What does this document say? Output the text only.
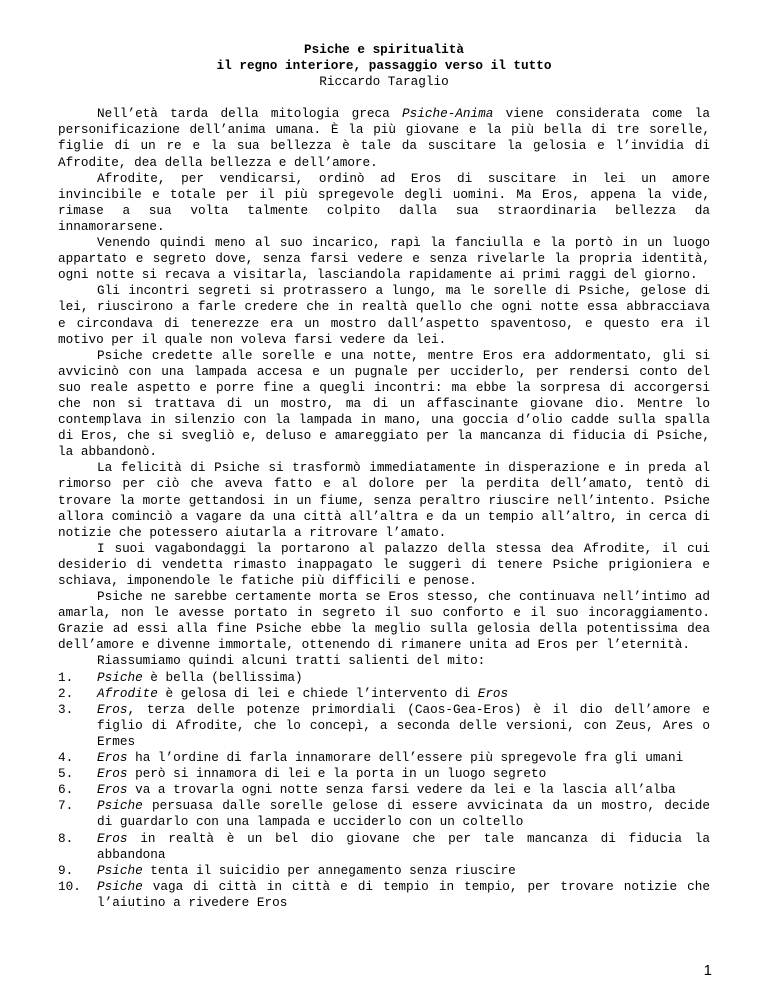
Psiche e spiritualità
il regno interiore, passaggio verso il tutto
Riccardo Taraglio

Nell’età tarda della mitologia greca Psiche-Anima viene considerata come la personificazione dell’anima umana. È la più giovane e la più bella di tre sorelle, figlie di un re e la sua bellezza è tale da suscitare la gelosia e l’invidia di Afrodite, dea della bellezza e dell’amore.

Afrodite, per vendicarsi, ordinò ad Eros di suscitare in lei un amore invincibile e totale per il più spregevole degli uomini. Ma Eros, appena la vide, rimase a sua volta talmente colpito dalla sua straordinaria bellezza da innamorarsene.

Venendo quindi meno al suo incarico, rapì la fanciulla e la portò in un luogo appartato e segreto dove, senza farsi vedere e senza rivelarle la propria identità, ogni notte si recava a visitarla, lasciandola rapidamente ai primi raggi del giorno.

Gli incontri segreti si protrassero a lungo, ma le sorelle di Psiche, gelose di lei, riuscirono a farle credere che in realtà quello che ogni notte essa abbracciava e circondava di tenerezze era un mostro dall’aspetto spaventoso, e questo era il motivo per il quale non voleva farsi vedere da lei.

Psiche credette alle sorelle e una notte, mentre Eros era addormentato, gli si avvicinò con una lampada accesa e un pugnale per ucciderlo, per rendersi conto del suo reale aspetto e porre fine a quegli incontri: ma ebbe la sorpresa di accorgersi che non si trattava di un mostro, ma di un affascinante giovane dio. Mentre lo contemplava in silenzio con la lampada in mano, una goccia d’olio cadde sulla spalla di Eros, che si svegliò e, deluso e amareggiato per la mancanza di fiducia di Psiche, la abbandonò.

La felicità di Psiche si trasformò immediatamente in disperazione e in preda al rimorso per ciò che aveva fatto e al dolore per la perdita dell’amato, tentò di trovare la morte gettandosi in un fiume, senza peraltro riuscire nell’intento. Psiche allora cominciò a vagare da una città all’altra e da un tempio all’altro, in cerca di notizie che potessero aiutarla a ritrovare l’amato.

I suoi vagabondaggi la portarono al palazzo della stessa dea Afrodite, il cui desiderio di vendetta rimasto inappagato le suggerì di tenere Psiche prigioniera e schiava, imponendole le fatiche più difficili e penose.

Psiche ne sarebbe certamente morta se Eros stesso, che continuava nell’intimo ad amarla, non le avesse portato in segreto il suo conforto e il suo incoraggiamento. Grazie ad essi alla fine Psiche ebbe la meglio sulla gelosia della potentissima dea dell’amore e divenne immortale, ottenendo di rimanere unita ad Eros per l’eternità.

Riassumiamo quindi alcuni tratti salienti del mito:

1.	Psiche è bella (bellissima)
2.	Afrodite è gelosa di lei e chiede l’intervento di Eros
3.	Eros, terza delle potenze primordiali (Caos-Gea-Eros) è il dio dell’amore e figlio di Afrodite, che lo concepì, a seconda delle versioni, con Zeus, Ares o Ermes
4.	Eros ha l’ordine di farla innamorare dell’essere più spregevole fra gli umani
5.	Eros però si innamora di lei e la porta in un luogo segreto
6.	Eros va a trovarla ogni notte senza farsi vedere da lei e la lascia all’alba
7.	Psiche persuasa dalle sorelle gelose di essere avvicinata da un mostro, decide di guardarlo con una lampada e ucciderlo con un coltello
8.	Eros in realtà è un bel dio giovane che per tale mancanza di fiducia la abbandona
9.	Psiche tenta il suicidio per annegamento senza riuscire
10.	Psiche vaga di città in città e di tempio in tempio, per trovare notizie che l’aiutino a rivedere Eros
1
